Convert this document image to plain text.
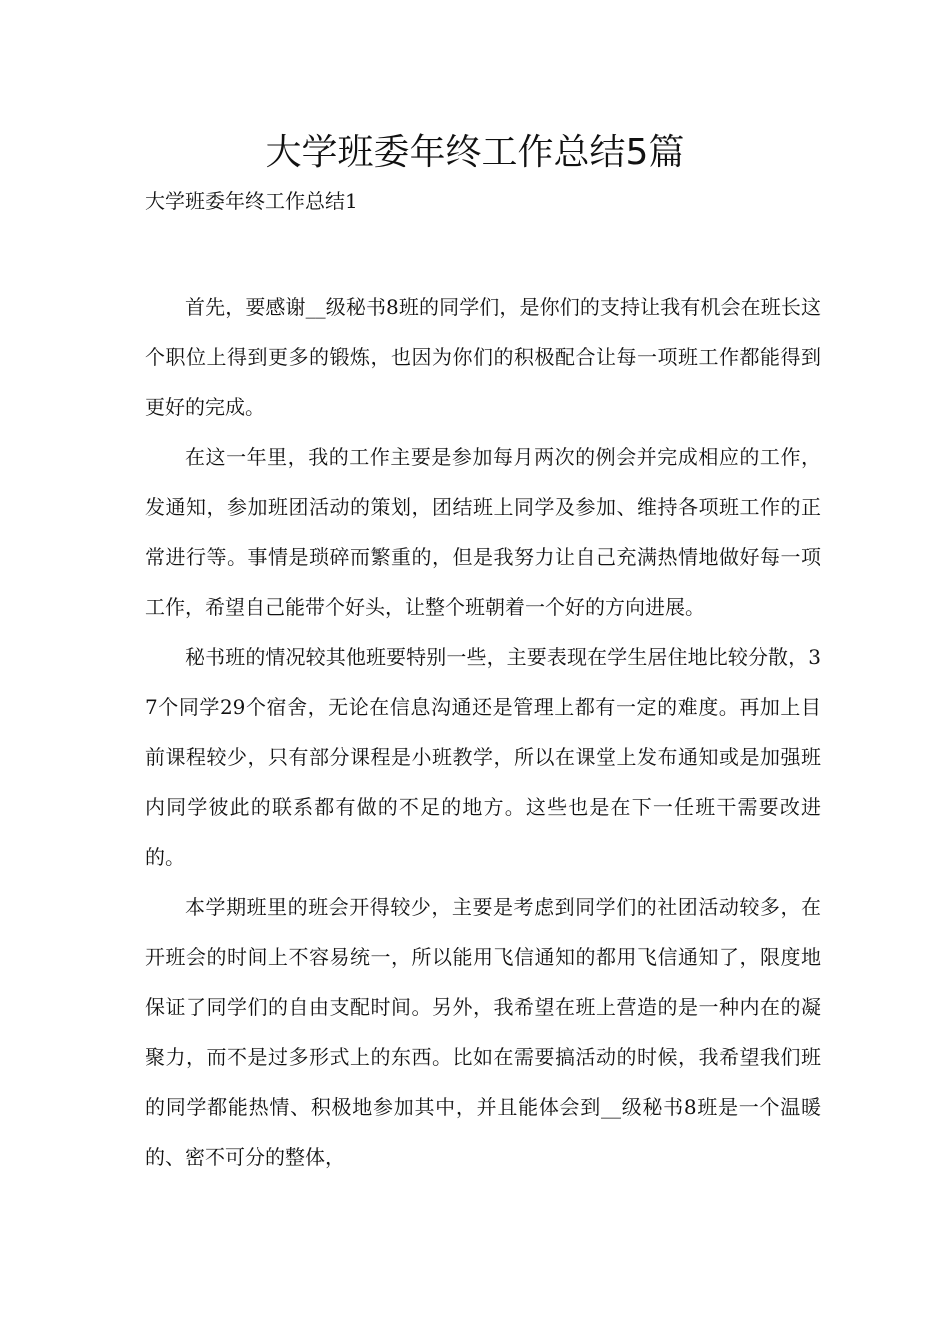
大学班委年终工作总结5篇

大学班委年终工作总结1

首先，要感谢__级秘书8班的同学们，是你们的支持让我有机会在班长这个职位上得到更多的锻炼，也因为你们的积极配合让每一项班工作都能得到更好的完成。

在这一年里，我的工作主要是参加每月两次的例会并完成相应的工作，发通知，参加班团活动的策划，团结班上同学及参加、维持各项班工作的正常进行等。事情是琐碎而繁重的，但是我努力让自己充满热情地做好每一项工作，希望自己能带个好头，让整个班朝着一个好的方向进展。

秘书班的情况较其他班要特别一些，主要表现在学生居住地比较分散，37个同学29个宿舍，无论在信息沟通还是管理上都有一定的难度。再加上目前课程较少，只有部分课程是小班教学，所以在课堂上发布通知或是加强班内同学彼此的联系都有做的不足的地方。这些也是在下一任班干需要改进的。

本学期班里的班会开得较少，主要是考虑到同学们的社团活动较多，在开班会的时间上不容易统一，所以能用飞信通知的都用飞信通知了，限度地保证了同学们的自由支配时间。另外，我希望在班上营造的是一种内在的凝聚力，而不是过多形式上的东西。比如在需要搞活动的时候，我希望我们班的同学都能热情、积极地参加其中，并且能体会到__级秘书8班是一个温暖的、密不可分的整体，
